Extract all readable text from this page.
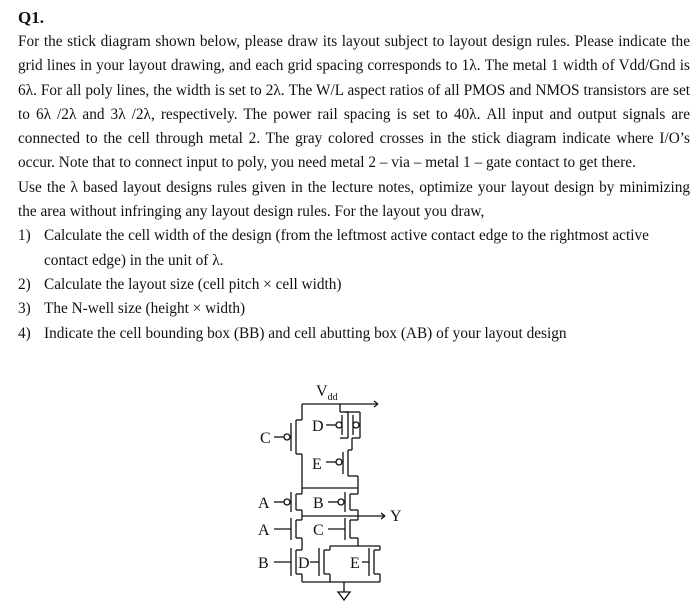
Q1.

For the stick diagram shown below, please draw its layout subject to layout design rules. Please indicate the grid lines in your layout drawing, and each grid spacing corresponds to 1λ. The metal 1 width of Vdd/Gnd is 6λ. For all poly lines, the width is set to 2λ. The W/L aspect ratios of all PMOS and NMOS transistors are set to 6λ /2λ and 3λ /2λ, respectively. The power rail spacing is set to 40λ. All input and output signals are connected to the cell through metal 2. The gray colored crosses in the stick diagram indicate where I/O’s occur. Note that to connect input to poly, you need metal 2 – via – metal 1 – gate contact to get there.

Use the λ based layout designs rules given in the lecture notes, optimize your layout design by minimizing the area without infringing any layout design rules. For the layout you draw,

1) Calculate the cell width of the design (from the leftmost active contact edge to the rightmost active contact edge) in the unit of λ.
2) Calculate the layout size (cell pitch × cell width)
3) The N-well size (height × width)
4) Indicate the cell bounding box (BB) and cell abutting box (AB) of your layout design
$V_{dd}$
C
D
E
A	B
Y
A	C
B D	E
